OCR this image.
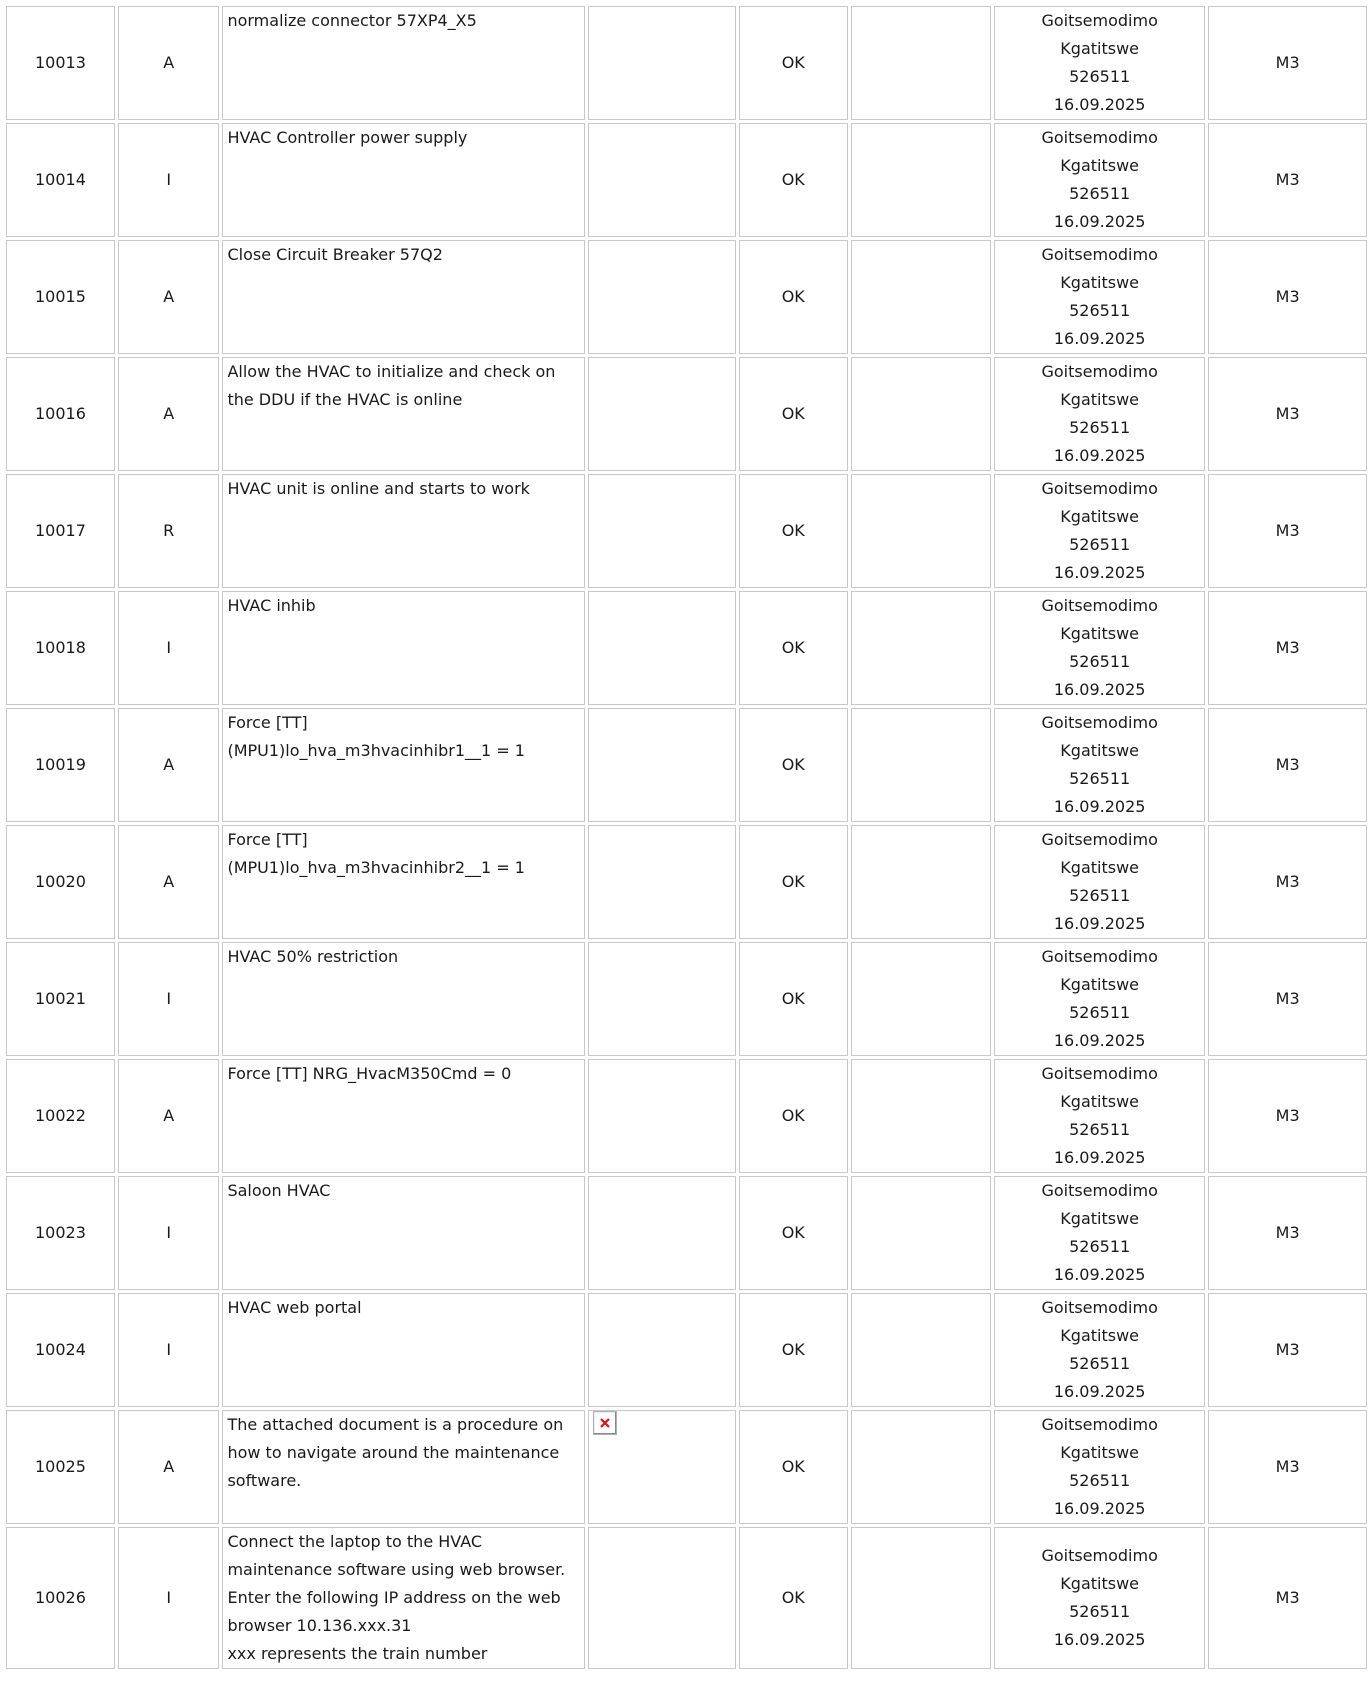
10013	A	normalize connector 57XP4_X5		OK		Goitsemodimo
Kgatitswe
526511
16.09.2025	M3
10014	I	HVAC Controller power supply		OK		Goitsemodimo
Kgatitswe
526511
16.09.2025	M3
10015	A	Close Circuit Breaker 57Q2		OK		Goitsemodimo
Kgatitswe
526511
16.09.2025	M3
10016	A	Allow the HVAC to initialize and check on
the DDU if the HVAC is online		OK		Goitsemodimo
Kgatitswe
526511
16.09.2025	M3
10017	R	HVAC unit is online and starts to work		OK		Goitsemodimo
Kgatitswe
526511
16.09.2025	M3
10018	I	HVAC inhib		OK		Goitsemodimo
Kgatitswe
526511
16.09.2025	M3
10019	A	Force [TT]
(MPU1)lo_hva_m3hvacinhibr1__1 = 1		OK		Goitsemodimo
Kgatitswe
526511
16.09.2025	M3
10020	A	Force [TT]
(MPU1)lo_hva_m3hvacinhibr2__1 = 1		OK		Goitsemodimo
Kgatitswe
526511
16.09.2025	M3
10021	I	HVAC 50% restriction		OK		Goitsemodimo
Kgatitswe
526511
16.09.2025	M3
10022	A	Force [TT] NRG_HvacM350Cmd = 0		OK		Goitsemodimo
Kgatitswe
526511
16.09.2025	M3
10023	I	Saloon HVAC		OK		Goitsemodimo
Kgatitswe
526511
16.09.2025	M3
10024	I	HVAC web portal		OK		Goitsemodimo
Kgatitswe
526511
16.09.2025	M3
10025	A	The attached document is a procedure on
how to navigate around the maintenance
software.		OK		Goitsemodimo
Kgatitswe
526511
16.09.2025	M3
10026	I	Connect the laptop to the HVAC
maintenance software using web browser.
Enter the following IP address on the web
browser 10.136.xxx.31
xxx represents the train number		OK		Goitsemodimo
Kgatitswe
526511
16.09.2025	M3
